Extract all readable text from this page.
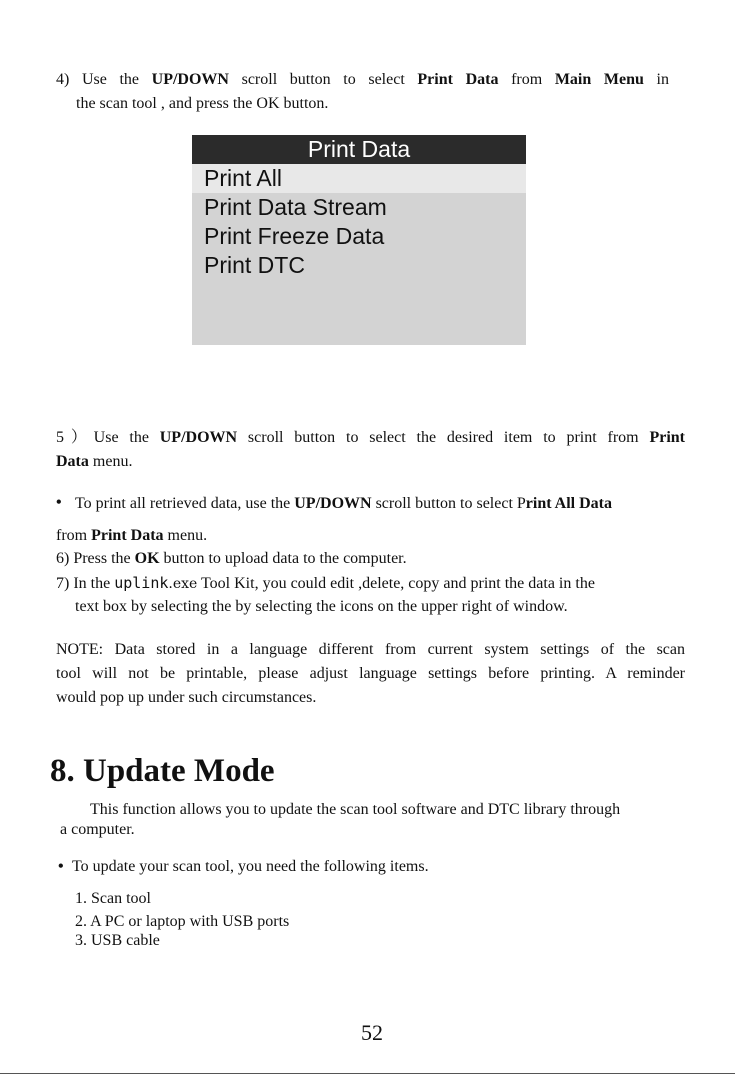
4) Use the UP/DOWN scroll button to select Print Data from Main Menu in
the scan tool , and press the OK button.
Print Data
Print All
Print Data Stream
Print Freeze Data
Print DTC
5）Use the UP/DOWN scroll button to select the desired item to print from Print
Data menu.
• To print all retrieved data, use the UP/DOWN scroll button to select Print All Data
from Print Data menu.
6) Press the OK button to upload data to the computer.
7) In the uplink.exe Tool Kit, you could edit ,delete, copy and print the data in the
text box by selecting the by selecting the icons on the upper right of window.
NOTE: Data stored in a language different from current system settings of the scan
tool will not be printable, please adjust language settings before printing. A reminder
would pop up under such circumstances.
8. Update Mode
This function allows you to update the scan tool software and DTC library through
a computer.
• To update your scan tool, you need the following items.
1. Scan tool
2. A PC or laptop with USB ports
3. USB cable
52
